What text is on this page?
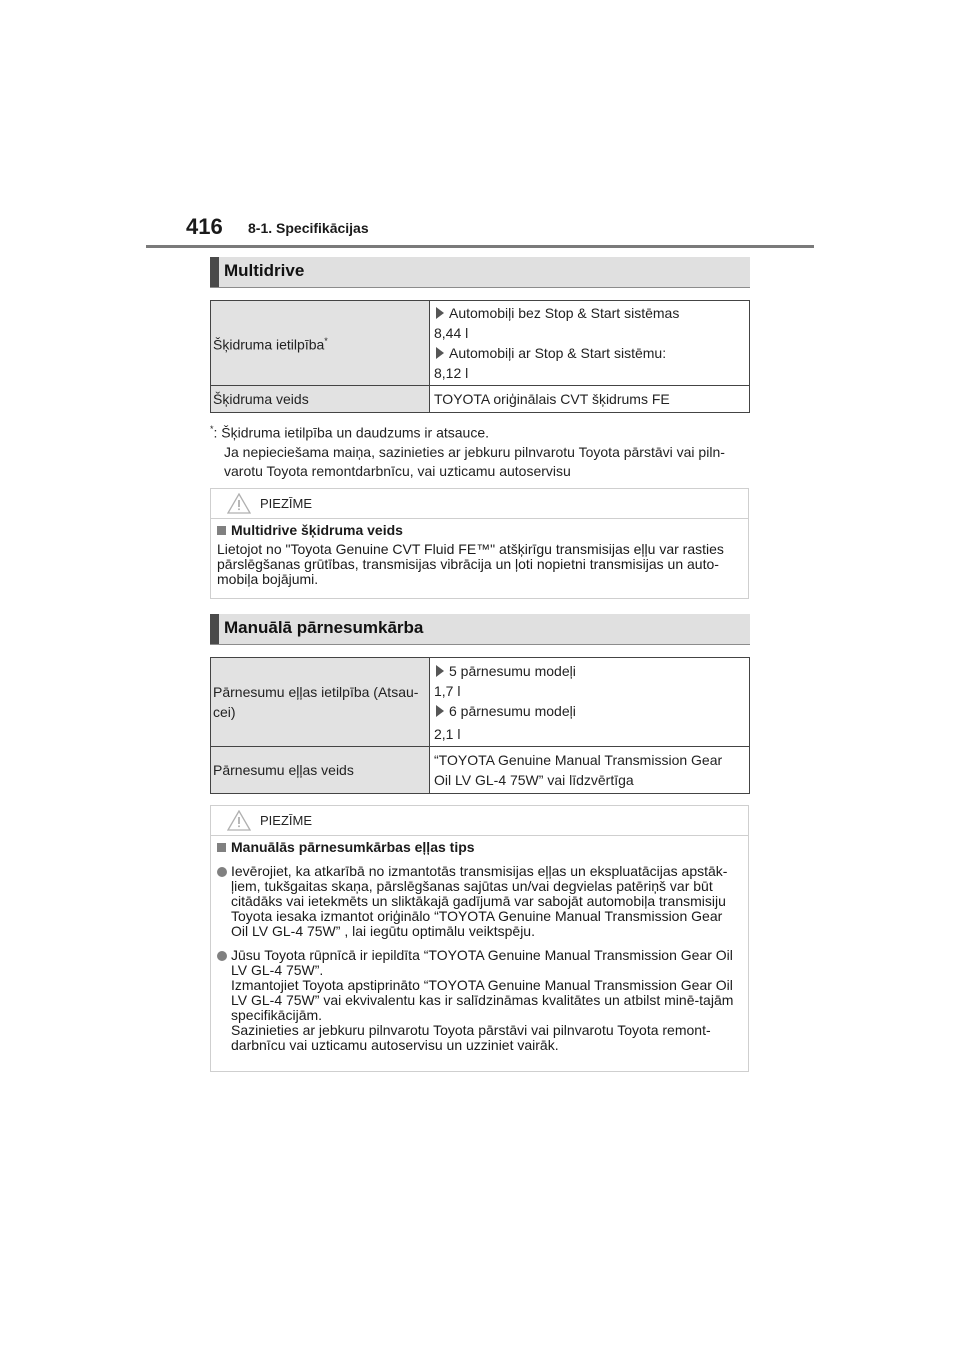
416 8-1. Specifikācijas
Multidrive
Šķidruma ietilpība*	Automobiļi bez Stop & Start sistēmas
8,44 l
Automobiļi ar Stop & Start sistēmu:
8,12 l

Šķidruma veids	TOYOTA oriģinālais CVT šķidrums FE
*: Šķidruma ietilpība un daudzums ir atsauce.
Ja nepieciešama maiņa, sazinieties ar jebkuru pilnvarotu Toyota pārstāvi vai piln-
varotu Toyota remontdarbnīcu, vai uzticamu autoservisu
PIEZĪME
Multidrive šķidruma veids
Lietojot no "Toyota Genuine CVT Fluid FE™" atšķirīgu transmisijas eļļu var rasties pārslēgšanas grūtības, transmisijas vibrācija un ļoti nopietni transmisijas un auto-mobiļa bojājumi.
Manuālā pārnesumkārba
Pārnesumu eļļas ietilpība (Atsau-
cei)	5 pārnesumu modeļi
1,7 l
6 pārnesumu modeļi
2,1 l

Pārnesumu eļļas veids	“TOYOTA Genuine Manual Transmission Gear
Oil LV GL-4 75W” vai līdzvērtīga
PIEZĪME
Manuālās pārnesumkārbas eļļas tips
Ievērojiet, ka atkarībā no izmantotās transmisijas eļļas un ekspluatācijas apstāk-ļiem, tukšgaitas skaņa, pārslēgšanas sajūtas un/vai degvielas patēriņš var būt citādāks vai ietekmēts un sliktākajā gadījumā var sabojāt automobiļa transmisiju Toyota iesaka izmantot oriģinālo “TOYOTA Genuine Manual Transmission Gear Oil LV GL-4 75W” , lai iegūtu optimālu veiktspēju.
Jūsu Toyota rūpnīcā ir iepildīta “TOYOTA Genuine Manual Transmission Gear Oil LV GL-4 75W”.
Izmantojiet Toyota apstiprināto “TOYOTA Genuine Manual Transmission Gear Oil LV GL-4 75W” vai ekvivalentu kas ir salīdzināmas kvalitātes un atbilst minē-tajām specifikācijām.
Sazinieties ar jebkuru pilnvarotu Toyota pārstāvi vai pilnvarotu Toyota remont-darbnīcu vai uzticamu autoservisu un uzziniet vairāk.
